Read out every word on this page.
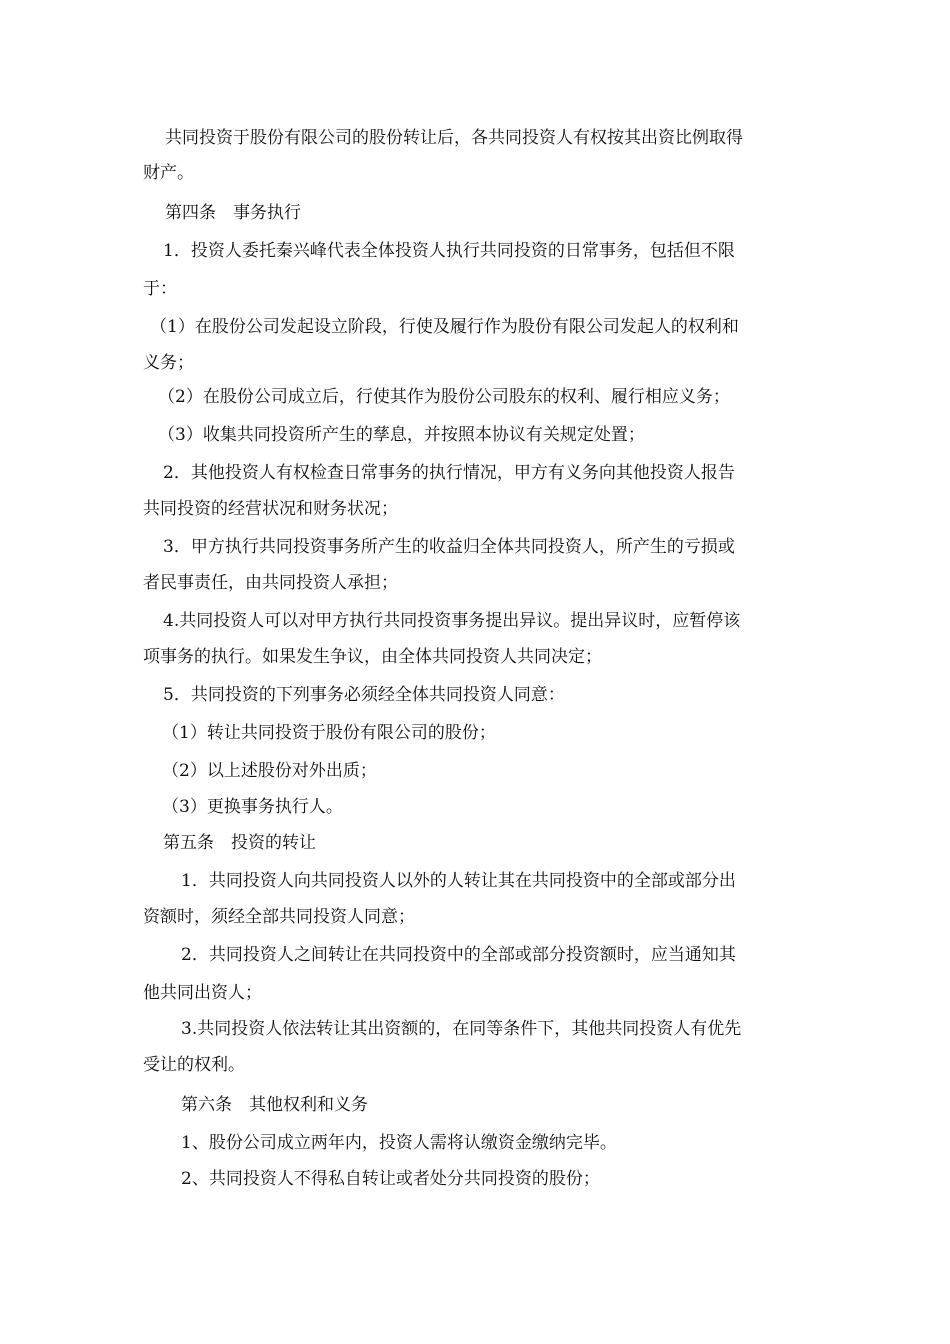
共同投资于股份有限公司的股份转让后，各共同投资人有权按其出资比例取得
财产。
第四条　事务执行
1．投资人委托秦兴峰代表全体投资人执行共同投资的日常事务，包括但不限
于：
（1）在股份公司发起设立阶段，行使及履行作为股份有限公司发起人的权利和
义务；
（2）在股份公司成立后，行使其作为股份公司股东的权利、履行相应义务；
（3）收集共同投资所产生的孳息，并按照本协议有关规定处置；
2．其他投资人有权检查日常事务的执行情况，甲方有义务向其他投资人报告
共同投资的经营状况和财务状况；
3．甲方执行共同投资事务所产生的收益归全体共同投资人，所产生的亏损或
者民事责任，由共同投资人承担；
4.共同投资人可以对甲方执行共同投资事务提出异议。提出异议时，应暂停该
项事务的执行。如果发生争议，由全体共同投资人共同决定；
5．共同投资的下列事务必须经全体共同投资人同意：
（1）转让共同投资于股份有限公司的股份；
（2）以上述股份对外出质；
（3）更换事务执行人。
第五条　投资的转让
1．共同投资人向共同投资人以外的人转让其在共同投资中的全部或部分出
资额时，须经全部共同投资人同意；
2．共同投资人之间转让在共同投资中的全部或部分投资额时，应当通知其
他共同出资人；
3.共同投资人依法转让其出资额的，在同等条件下，其他共同投资人有优先
受让的权利。
第六条　其他权利和义务
1、股份公司成立两年内，投资人需将认缴资金缴纳完毕。
2、共同投资人不得私自转让或者处分共同投资的股份；
